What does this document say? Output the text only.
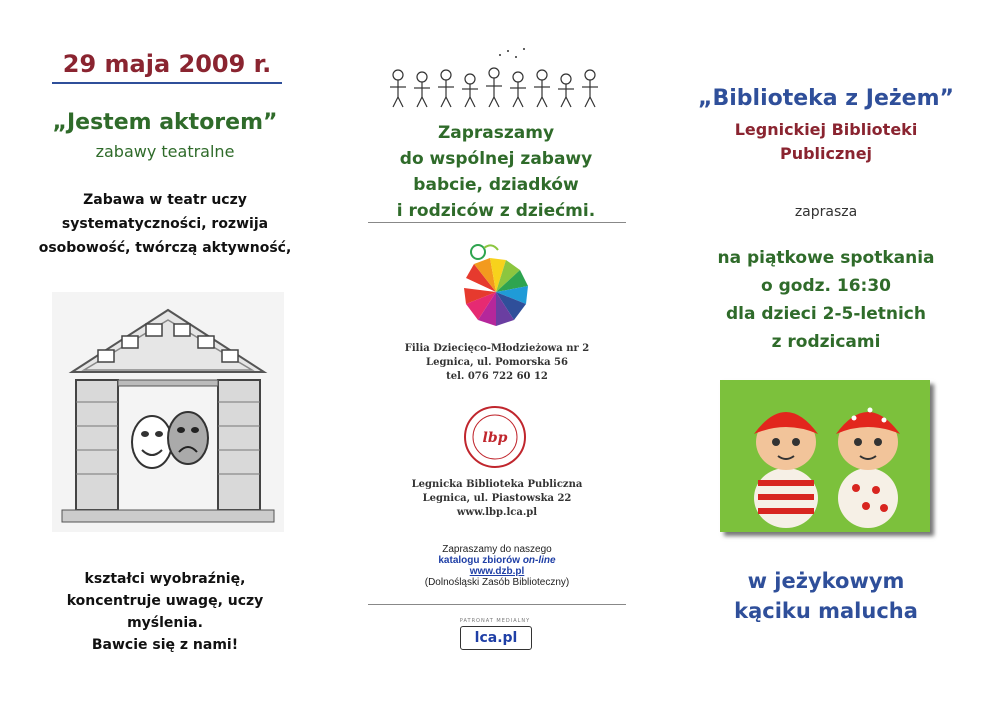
29 maja 2009 r.
„Jestem aktorem”
zabawy teatralne
Zabawa w teatr uczy
systematyczności, rozwija
osobowość, twórczą aktywność,
kształci wyobraźnię,
koncentruje uwagę, uczy
myślenia.
Bawcie się z nami!
Zapraszamy
do wspólnej zabawy
babcie, dziadków
i rodziców z dziećmi.
Filia Dziecięco-Młodzieżowa nr 2
Legnica, ul. Pomorska 56
tel. 076 722 60 12
lbp
Legnicka Biblioteka Publiczna
Legnica, ul. Piastowska 22
www.lbp.lca.pl
Zapraszamy do naszego
katalogu zbiorów on-line
www.dzb.pl
(Dolnośląski Zasób Biblioteczny)
PATRONAT MEDIALNY
lca.pl
„Biblioteka z Jeżem”
Legnickiej Biblioteki
Publicznej
zaprasza
na piątkowe spotkania
o godz. 16:30
dla dzieci 2-5-letnich
z rodzicami
w jeżykowym
kąciku malucha
